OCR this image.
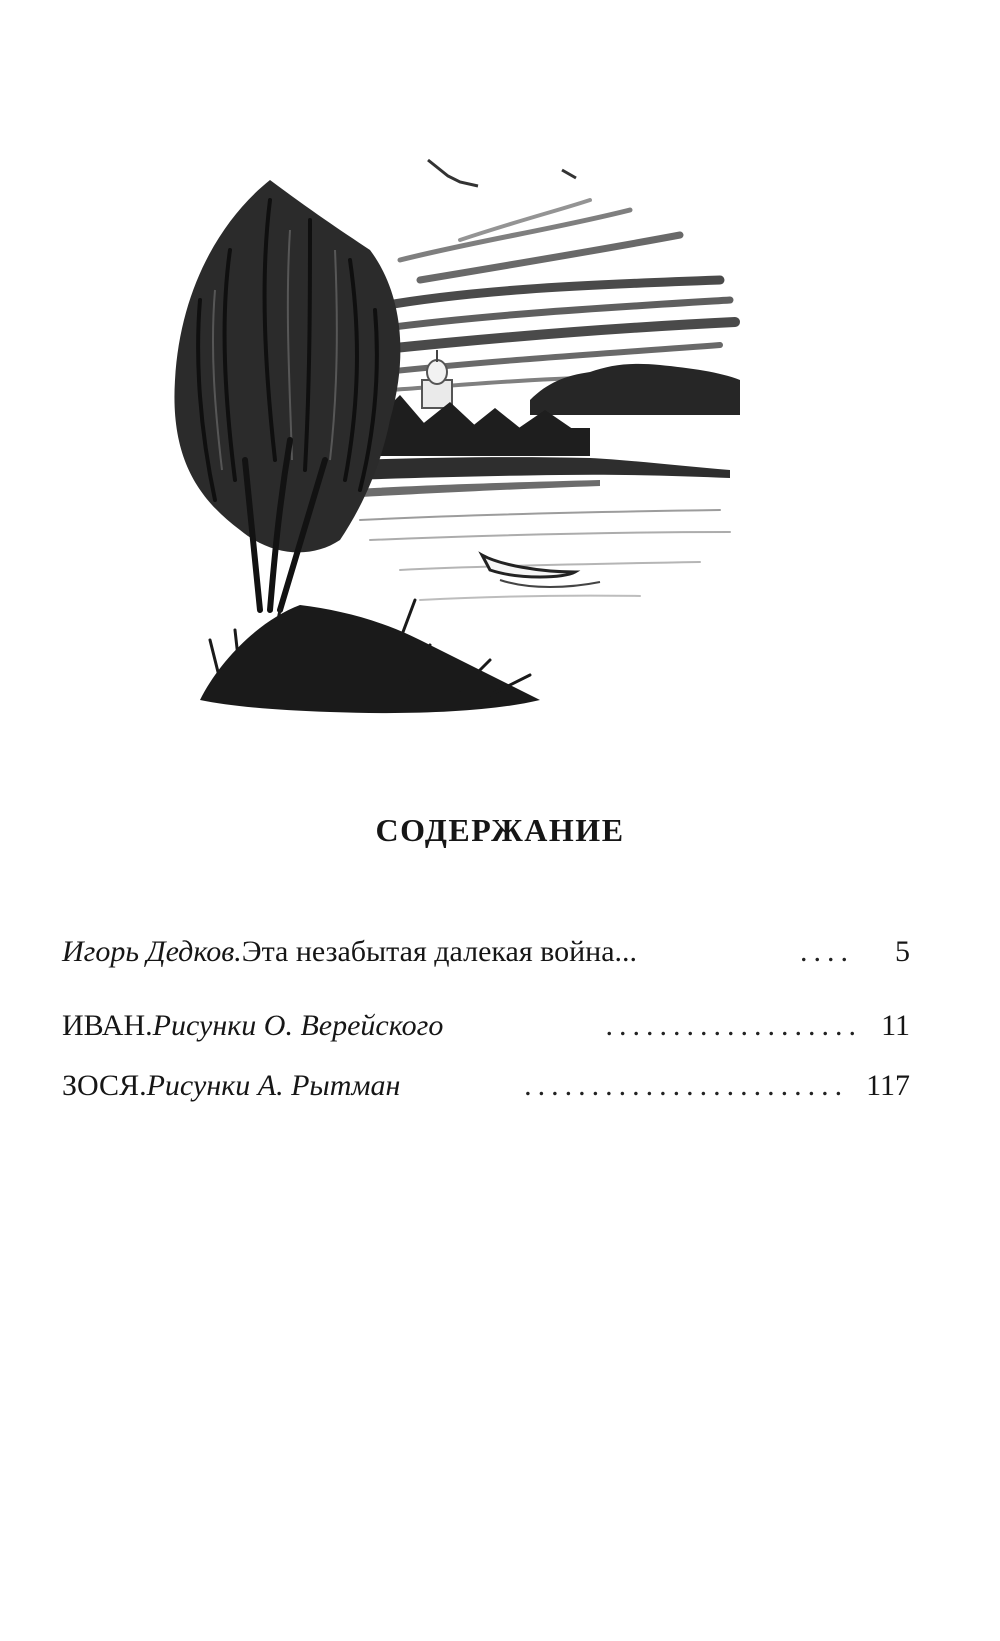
СОДЕРЖАНИЕ
Игорь Дедков. Эта незабытая далекая война...	....	5
ИВАН. Рисунки О. Верейского	................... 11
ЗОСЯ. Рисунки А. Рытман	........................ 117
